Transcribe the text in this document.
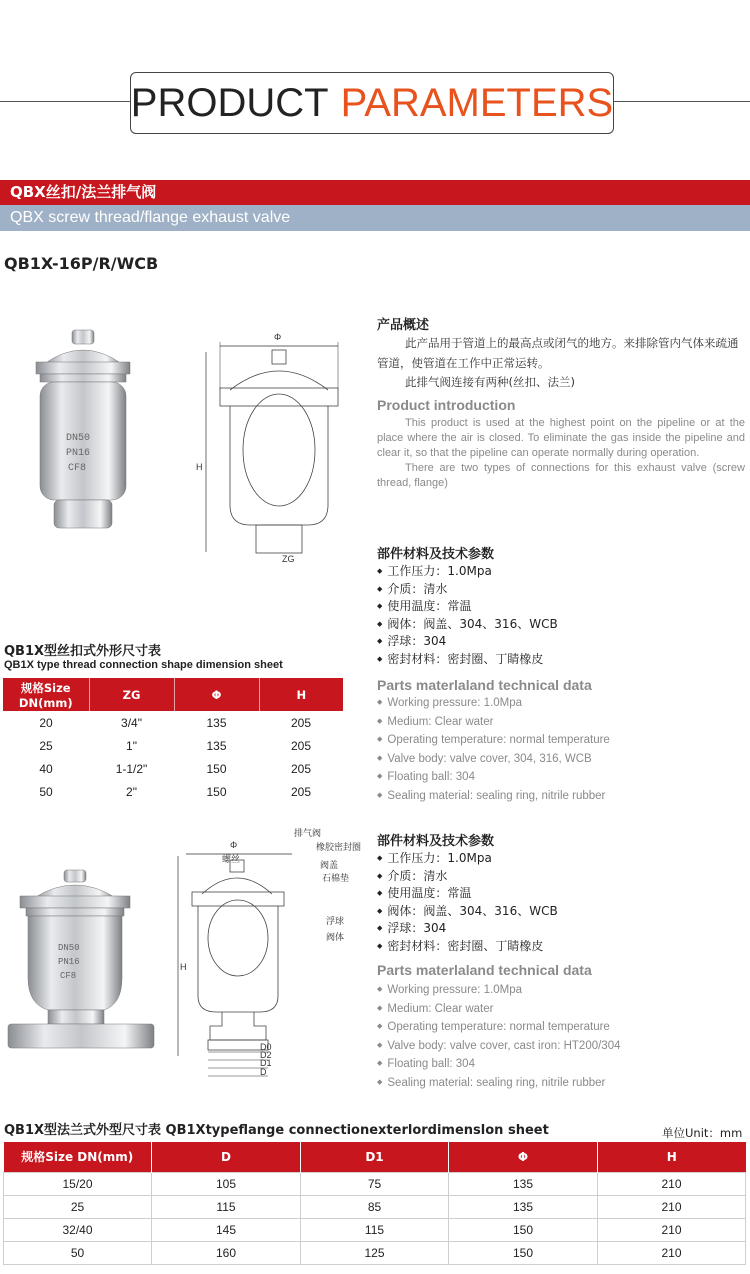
PRODUCT PARAMETERS
QBX丝扣/法兰排气阀
QBX screw thread/flange exhaust valve
QB1X-16P/R/WCB
DN50
PN16
CF8
Φ
H
ZG
产品概述
此产品用于管道上的最高点或闭气的地方。来排除管内气体来疏通管道，使管道在工作中正常运转。
此排气阀连接有两种(丝扣、法兰)
Product introduction
This product is used at the highest point on the pipeline or at the place where the air is closed. To eliminate the gas inside the pipeline and clear it, so that the pipeline can operate normally during operation.
There are two types of connections for this exhaust valve (screw thread, flange)
部件材料及技术参数
◆ 工作压力：1.0Mpa
◆ 介质：清水
◆ 使用温度：常温
◆ 阀体：阀盖、304、316、WCB
◆ 浮球：304
◆ 密封材料：密封圈、丁睛橡皮
Parts materlaland technical data
◆ Working pressure: 1.0Mpa
◆ Medium: Clear water
◆ Operating temperature: normal temperature
◆ Valve body: valve cover, 304, 316, WCB
◆ Floating ball: 304
◆ Sealing material: sealing ring, nitrile rubber
QB1X型丝扣式外形尺寸表
QB1X type thread connection shape dimension sheet
规格Size DN(mm)	ZG	Φ	H
20	3/4"	135	205
25	1"	135	205
40	1-1/2"	150	205
50	2"	150	205
DN50
PN16
CF8
Φ
H
排气阀
橡胶密封圈
螺丝
阀盖
石棉垫
浮球
阀体
D0
D2
D1
D
部件材料及技术参数
◆ 工作压力：1.0Mpa
◆ 介质：清水
◆ 使用温度：常温
◆ 阀体：阀盖、304、316、WCB
◆ 浮球：304
◆ 密封材料：密封圈、丁睛橡皮
Parts materlaland technical data
◆ Working pressure: 1.0Mpa
◆ Medium: Clear water
◆ Operating temperature: normal temperature
◆ Valve body: valve cover, cast iron: HT200/304
◆ Floating ball: 304
◆ Sealing material: sealing ring, nitrile rubber
QB1X型法兰式外型尺寸表 QB1Xtypeflange connectionexterlordimenslon sheet	单位Unit：mm
规格Size DN(mm)	D	D1	Φ	H
15/20	105	75	135	210
25	115	85	135	210
32/40	145	115	150	210
50	160	125	150	210
